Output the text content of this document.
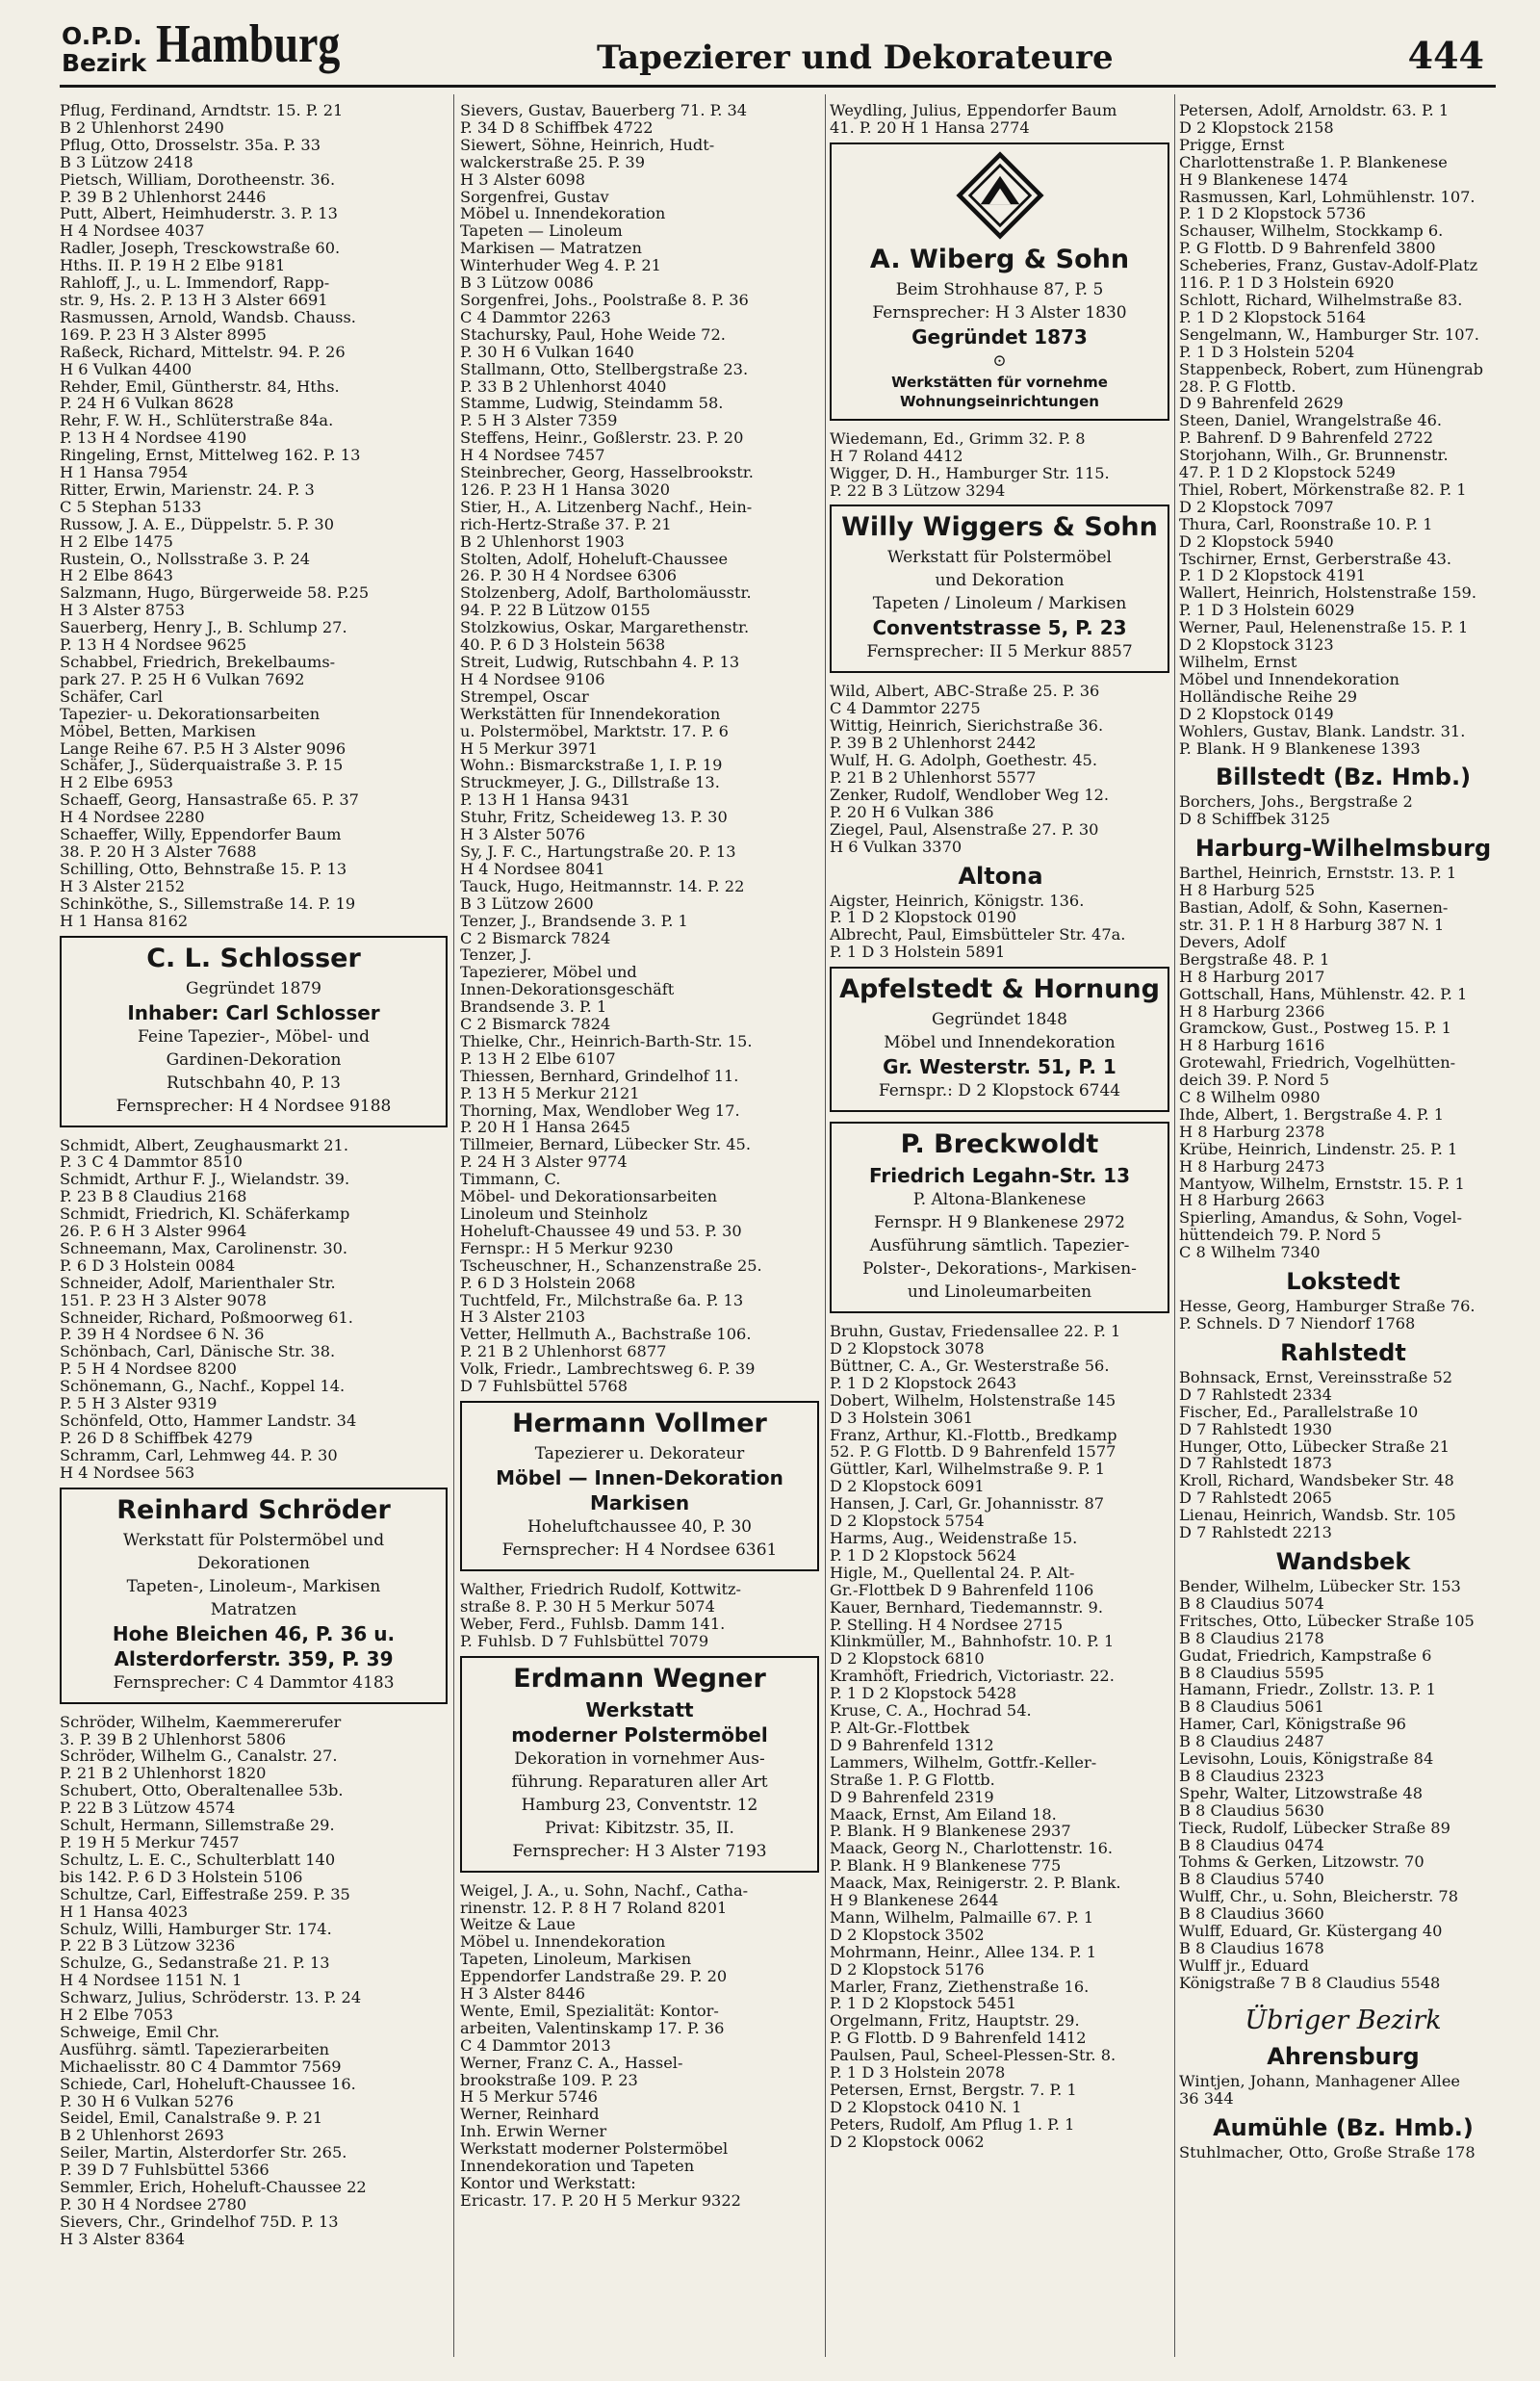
O.P.D.
Bezirk Hamburg	Tapezierer und Dekorateure	444
Pflug, Ferdinand, Arndtstr. 15. P. 21
B 2 Uhlenhorst 2490
Pflug, Otto, Drosselstr. 35a. P. 33
B 3 Lützow 2418
Pietsch, William, Dorotheenstr. 36.
P. 39 B 2 Uhlenhorst 2446
Putt, Albert, Heimhuderstr. 3. P. 13
H 4 Nordsee 4037
Radler, Joseph, Tresckowstraße 60.
Hths. II. P. 19 H 2 Elbe 9181
Rahloff, J., u. L. Immendorf, Rapp-
str. 9, Hs. 2. P. 13 H 3 Alster 6691
Rasmussen, Arnold, Wandsb. Chauss.
169. P. 23 H 3 Alster 8995
Raßeck, Richard, Mittelstr. 94. P. 26
H 6 Vulkan 4400
Rehder, Emil, Güntherstr. 84, Hths.
P. 24 H 6 Vulkan 8628
Rehr, F. W. H., Schlüterstraße 84a.
P. 13 H 4 Nordsee 4190
Ringeling, Ernst, Mittelweg 162. P. 13
H 1 Hansa 7954
Ritter, Erwin, Marienstr. 24. P. 3
C 5 Stephan 5133
Russow, J. A. E., Düppelstr. 5. P. 30
H 2 Elbe 1475
Rustein, O., Nollsstraße 3. P. 24
H 2 Elbe 8643
Salzmann, Hugo, Bürgerweide 58. P.25
H 3 Alster 8753
Sauerberg, Henry J., B. Schlump 27.
P. 13 H 4 Nordsee 9625
Schabbel, Friedrich, Brekelbaums-
park 27. P. 25 H 6 Vulkan 7692
Schäfer, Carl
Tapezier- u. Dekorationsarbeiten
Möbel, Betten, Markisen
Lange Reihe 67. P.5 H 3 Alster 9096
Schäfer, J., Süderquaistraße 3. P. 15
H 2 Elbe 6953
Schaeff, Georg, Hansastraße 65. P. 37
H 4 Nordsee 2280
Schaeffer, Willy, Eppendorfer Baum
38. P. 20 H 3 Alster 7688
Schilling, Otto, Behnstraße 15. P. 13
H 3 Alster 2152
Schinköthe, S., Sillemstraße 14. P. 19
H 1 Hansa 8162
C. L. Schlosser
Gegründet 1879
Inhaber: Carl Schlosser
Feine Tapezier-, Möbel- und
Gardinen-Dekoration
Rutschbahn 40, P. 13
Fernsprecher: H 4 Nordsee 9188
Schmidt, Albert, Zeughausmarkt 21.
P. 3 C 4 Dammtor 8510
Schmidt, Arthur F. J., Wielandstr. 39.
P. 23 B 8 Claudius 2168
Schmidt, Friedrich, Kl. Schäferkamp
26. P. 6 H 3 Alster 9964
Schneemann, Max, Carolinenstr. 30.
P. 6 D 3 Holstein 0084
Schneider, Adolf, Marienthaler Str.
151. P. 23 H 3 Alster 9078
Schneider, Richard, Poßmoorweg 61.
P. 39 H 4 Nordsee 6 N. 36
Schönbach, Carl, Dänische Str. 38.
P. 5 H 4 Nordsee 8200
Schönemann, G., Nachf., Koppel 14.
P. 5 H 3 Alster 9319
Schönfeld, Otto, Hammer Landstr. 34
P. 26 D 8 Schiffbek 4279
Schramm, Carl, Lehmweg 44. P. 30
H 4 Nordsee 563
Reinhard Schröder
Werkstatt für Polstermöbel und
Dekorationen
Tapeten-, Linoleum-, Markisen
Matratzen
Hohe Bleichen 46, P. 36 u.
Alsterdorferstr. 359, P. 39
Fernsprecher: C 4 Dammtor 4183
Schröder, Wilhelm, Kaemmererufer
3. P. 39 B 2 Uhlenhorst 5806
Schröder, Wilhelm G., Canalstr. 27.
P. 21 B 2 Uhlenhorst 1820
Schubert, Otto, Oberaltenallee 53b.
P. 22 B 3 Lützow 4574
Schult, Hermann, Sillemstraße 29.
P. 19 H 5 Merkur 7457
Schultz, L. E. C., Schulterblatt 140
bis 142. P. 6 D 3 Holstein 5106
Schultze, Carl, Eiffestraße 259. P. 35
H 1 Hansa 4023
Schulz, Willi, Hamburger Str. 174.
P. 22 B 3 Lützow 3236
Schulze, G., Sedanstraße 21. P. 13
H 4 Nordsee 1151 N. 1
Schwarz, Julius, Schröderstr. 13. P. 24
H 2 Elbe 7053
Schweige, Emil Chr.
Ausführg. sämtl. Tapezierarbeiten
Michaelisstr. 80 C 4 Dammtor 7569
Schiede, Carl, Hoheluft-Chaussee 16.
P. 30 H 6 Vulkan 5276
Seidel, Emil, Canalstraße 9. P. 21
B 2 Uhlenhorst 2693
Seiler, Martin, Alsterdorfer Str. 265.
P. 39 D 7 Fuhlsbüttel 5366
Semmler, Erich, Hoheluft-Chaussee 22
P. 30 H 4 Nordsee 2780
Sievers, Chr., Grindelhof 75D. P. 13
H 3 Alster 8364
Sievers, Gustav, Bauerberg 71. P. 34
P. 34 D 8 Schiffbek 4722
Siewert, Söhne, Heinrich, Hudt-
walckerstraße 25. P. 39
H 3 Alster 6098
Sorgenfrei, Gustav
Möbel u. Innendekoration
Tapeten — Linoleum
Markisen — Matratzen
Winterhuder Weg 4. P. 21
B 3 Lützow 0086
Sorgenfrei, Johs., Poolstraße 8. P. 36
C 4 Dammtor 2263
Stachursky, Paul, Hohe Weide 72.
P. 30 H 6 Vulkan 1640
Stallmann, Otto, Stellbergstraße 23.
P. 33 B 2 Uhlenhorst 4040
Stamme, Ludwig, Steindamm 58.
P. 5 H 3 Alster 7359
Steffens, Heinr., Goßlerstr. 23. P. 20
H 4 Nordsee 7457
Steinbrecher, Georg, Hasselbrookstr.
126. P. 23 H 1 Hansa 3020
Stier, H., A. Litzenberg Nachf., Hein-
rich-Hertz-Straße 37. P. 21
B 2 Uhlenhorst 1903
Stolten, Adolf, Hoheluft-Chaussee
26. P. 30 H 4 Nordsee 6306
Stolzenberg, Adolf, Bartholomäusstr.
94. P. 22 B Lützow 0155
Stolzkowius, Oskar, Margarethenstr.
40. P. 6 D 3 Holstein 5638
Streit, Ludwig, Rutschbahn 4. P. 13
H 4 Nordsee 9106
Strempel, Oscar
Werkstätten für Innendekoration
u. Polstermöbel, Marktstr. 17. P. 6
H 5 Merkur 3971
Wohn.: Bismarckstraße 1, I. P. 19
Struckmeyer, J. G., Dillstraße 13.
P. 13 H 1 Hansa 9431
Stuhr, Fritz, Scheideweg 13. P. 30
H 3 Alster 5076
Sy, J. F. C., Hartungstraße 20. P. 13
H 4 Nordsee 8041
Tauck, Hugo, Heitmannstr. 14. P. 22
B 3 Lützow 2600
Tenzer, J., Brandsende 3. P. 1
C 2 Bismarck 7824
Tenzer, J.
Tapezierer, Möbel und
Innen-Dekorationsgeschäft
Brandsende 3. P. 1
C 2 Bismarck 7824
Thielke, Chr., Heinrich-Barth-Str. 15.
P. 13 H 2 Elbe 6107
Thiessen, Bernhard, Grindelhof 11.
P. 13 H 5 Merkur 2121
Thorning, Max, Wendlober Weg 17.
P. 20 H 1 Hansa 2645
Tillmeier, Bernard, Lübecker Str. 45.
P. 24 H 3 Alster 9774
Timmann, C.
Möbel- und Dekorationsarbeiten
Linoleum und Steinholz
Hoheluft-Chaussee 49 und 53. P. 30
Fernspr.: H 5 Merkur 9230
Tscheuschner, H., Schanzenstraße 25.
P. 6 D 3 Holstein 2068
Tuchtfeld, Fr., Milchstraße 6a. P. 13
H 3 Alster 2103
Vetter, Hellmuth A., Bachstraße 106.
P. 21 B 2 Uhlenhorst 6877
Volk, Friedr., Lambrechtsweg 6. P. 39
D 7 Fuhlsbüttel 5768
Hermann Vollmer
Tapezierer u. Dekorateur
Möbel — Innen-Dekoration
Markisen
Hoheluftchaussee 40, P. 30
Fernsprecher: H 4 Nordsee 6361
Walther, Friedrich Rudolf, Kottwitz-
straße 8. P. 30 H 5 Merkur 5074
Weber, Ferd., Fuhlsb. Damm 141.
P. Fuhlsb. D 7 Fuhlsbüttel 7079
Erdmann Wegner
Werkstatt
moderner Polstermöbel
Dekoration in vornehmer Aus-
führung. Reparaturen aller Art
Hamburg 23, Conventstr. 12
Privat: Kibitzstr. 35, II.
Fernsprecher: H 3 Alster 7193
Weigel, J. A., u. Sohn, Nachf., Catha-
rinenstr. 12. P. 8 H 7 Roland 8201
Weitze & Laue
Möbel u. Innendekoration
Tapeten, Linoleum, Markisen
Eppendorfer Landstraße 29. P. 20
H 3 Alster 8446
Wente, Emil, Spezialität: Kontor-
arbeiten, Valentinskamp 17. P. 36
C 4 Dammtor 2013
Werner, Franz C. A., Hassel-
brookstraße 109. P. 23
H 5 Merkur 5746
Werner, Reinhard
Inh. Erwin Werner
Werkstatt moderner Polstermöbel
Innendekoration und Tapeten
Kontor und Werkstatt:
Ericastr. 17. P. 20 H 5 Merkur 9322
Weydling, Julius, Eppendorfer Baum
41. P. 20 H 1 Hansa 2774
A. Wiberg & Sohn
Beim Strohhause 87, P. 5
Fernsprecher: H 3 Alster 1830
Gegründet 1873
⊙
Werkstätten für vornehme
Wohnungseinrichtungen
Wiedemann, Ed., Grimm 32. P. 8
H 7 Roland 4412
Wigger, D. H., Hamburger Str. 115.
P. 22 B 3 Lützow 3294
Willy Wiggers & Sohn
Werkstatt für Polstermöbel
und Dekoration
Tapeten / Linoleum / Markisen
Conventstrasse 5, P. 23
Fernsprecher: II 5 Merkur 8857
Wild, Albert, ABC-Straße 25. P. 36
C 4 Dammtor 2275
Wittig, Heinrich, Sierichstraße 36.
P. 39 B 2 Uhlenhorst 2442
Wulf, H. G. Adolph, Goethestr. 45.
P. 21 B 2 Uhlenhorst 5577
Zenker, Rudolf, Wendlober Weg 12.
P. 20 H 6 Vulkan 386
Ziegel, Paul, Alsenstraße 27. P. 30
H 6 Vulkan 3370
Altona
Aigster, Heinrich, Königstr. 136.
P. 1 D 2 Klopstock 0190
Albrecht, Paul, Eimsbütteler Str. 47a.
P. 1 D 3 Holstein 5891
Apfelstedt & Hornung
Gegründet 1848
Möbel und Innendekoration
Gr. Westerstr. 51, P. 1
Fernspr.: D 2 Klopstock 6744
P. Breckwoldt
Friedrich Legahn-Str. 13
P. Altona-Blankenese
Fernspr. H 9 Blankenese 2972
Ausführung sämtlich. Tapezier-
Polster-, Dekorations-, Markisen-
und Linoleumarbeiten
Bruhn, Gustav, Friedensallee 22. P. 1
D 2 Klopstock 3078
Büttner, C. A., Gr. Westerstraße 56.
P. 1 D 2 Klopstock 2643
Dobert, Wilhelm, Holstenstraße 145
D 3 Holstein 3061
Franz, Arthur, Kl.-Flottb., Bredkamp
52. P. G Flottb. D 9 Bahrenfeld 1577
Güttler, Karl, Wilhelmstraße 9. P. 1
D 2 Klopstock 6091
Hansen, J. Carl, Gr. Johannisstr. 87
D 2 Klopstock 5754
Harms, Aug., Weidenstraße 15.
P. 1 D 2 Klopstock 5624
Higle, M., Quellental 24. P. Alt-
Gr.-Flottbek D 9 Bahrenfeld 1106
Kauer, Bernhard, Tiedemannstr. 9.
P. Stelling. H 4 Nordsee 2715
Klinkmüller, M., Bahnhofstr. 10. P. 1
D 2 Klopstock 6810
Kramhöft, Friedrich, Victoriastr. 22.
P. 1 D 2 Klopstock 5428
Kruse, C. A., Hochrad 54.
P. Alt-Gr.-Flottbek
D 9 Bahrenfeld 1312
Lammers, Wilhelm, Gottfr.-Keller-
Straße 1. P. G Flottb.
D 9 Bahrenfeld 2319
Maack, Ernst, Am Eiland 18.
P. Blank. H 9 Blankenese 2937
Maack, Georg N., Charlottenstr. 16.
P. Blank. H 9 Blankenese 775
Maack, Max, Reinigerstr. 2. P. Blank.
H 9 Blankenese 2644
Mann, Wilhelm, Palmaille 67. P. 1
D 2 Klopstock 3502
Mohrmann, Heinr., Allee 134. P. 1
D 2 Klopstock 5176
Marler, Franz, Ziethenstraße 16.
P. 1 D 2 Klopstock 5451
Orgelmann, Fritz, Hauptstr. 29.
P. G Flottb. D 9 Bahrenfeld 1412
Paulsen, Paul, Scheel-Plessen-Str. 8.
P. 1 D 3 Holstein 2078
Petersen, Ernst, Bergstr. 7. P. 1
D 2 Klopstock 0410 N. 1
Peters, Rudolf, Am Pflug 1. P. 1
D 2 Klopstock 0062
Petersen, Adolf, Arnoldstr. 63. P. 1
D 2 Klopstock 2158
Prigge, Ernst
Charlottenstraße 1. P. Blankenese
H 9 Blankenese 1474
Rasmussen, Karl, Lohmühlenstr. 107.
P. 1 D 2 Klopstock 5736
Schauser, Wilhelm, Stockkamp 6.
P. G Flottb. D 9 Bahrenfeld 3800
Scheberies, Franz, Gustav-Adolf-Platz
116. P. 1 D 3 Holstein 6920
Schlott, Richard, Wilhelmstraße 83.
P. 1 D 2 Klopstock 5164
Sengelmann, W., Hamburger Str. 107.
P. 1 D 3 Holstein 5204
Stappenbeck, Robert, zum Hünengrab
28. P. G Flottb.
D 9 Bahrenfeld 2629
Steen, Daniel, Wrangelstraße 46.
P. Bahrenf. D 9 Bahrenfeld 2722
Storjohann, Wilh., Gr. Brunnenstr.
47. P. 1 D 2 Klopstock 5249
Thiel, Robert, Mörkenstraße 82. P. 1
D 2 Klopstock 7097
Thura, Carl, Roonstraße 10. P. 1
D 2 Klopstock 5940
Tschirner, Ernst, Gerberstraße 43.
P. 1 D 2 Klopstock 4191
Wallert, Heinrich, Holstenstraße 159.
P. 1 D 3 Holstein 6029
Werner, Paul, Helenenstraße 15. P. 1
D 2 Klopstock 3123
Wilhelm, Ernst
Möbel und Innendekoration
Holländische Reihe 29
D 2 Klopstock 0149
Wohlers, Gustav, Blank. Landstr. 31.
P. Blank. H 9 Blankenese 1393
Billstedt (Bz. Hmb.)
Borchers, Johs., Bergstraße 2
D 8 Schiffbek 3125
Harburg-Wilhelmsburg
Barthel, Heinrich, Ernststr. 13. P. 1
H 8 Harburg 525
Bastian, Adolf, & Sohn, Kasernen-
str. 31. P. 1 H 8 Harburg 387 N. 1
Devers, Adolf
Bergstraße 48. P. 1
H 8 Harburg 2017
Gottschall, Hans, Mühlenstr. 42. P. 1
H 8 Harburg 2366
Gramckow, Gust., Postweg 15. P. 1
H 8 Harburg 1616
Grotewahl, Friedrich, Vogelhütten-
deich 39. P. Nord 5
C 8 Wilhelm 0980
Ihde, Albert, 1. Bergstraße 4. P. 1
H 8 Harburg 2378
Krübe, Heinrich, Lindenstr. 25. P. 1
H 8 Harburg 2473
Mantyow, Wilhelm, Ernststr. 15. P. 1
H 8 Harburg 2663
Spierling, Amandus, & Sohn, Vogel-
hüttendeich 79. P. Nord 5
C 8 Wilhelm 7340
Lokstedt
Hesse, Georg, Hamburger Straße 76.
P. Schnels. D 7 Niendorf 1768
Rahlstedt
Bohnsack, Ernst, Vereinsstraße 52
D 7 Rahlstedt 2334
Fischer, Ed., Parallelstraße 10
D 7 Rahlstedt 1930
Hunger, Otto, Lübecker Straße 21
D 7 Rahlstedt 1873
Kroll, Richard, Wandsbeker Str. 48
D 7 Rahlstedt 2065
Lienau, Heinrich, Wandsb. Str. 105
D 7 Rahlstedt 2213
Wandsbek
Bender, Wilhelm, Lübecker Str. 153
B 8 Claudius 5074
Fritsches, Otto, Lübecker Straße 105
B 8 Claudius 2178
Gudat, Friedrich, Kampstraße 6
B 8 Claudius 5595
Hamann, Friedr., Zollstr. 13. P. 1
B 8 Claudius 5061
Hamer, Carl, Königstraße 96
B 8 Claudius 2487
Levisohn, Louis, Königstraße 84
B 8 Claudius 2323
Spehr, Walter, Litzowstraße 48
B 8 Claudius 5630
Tieck, Rudolf, Lübecker Straße 89
B 8 Claudius 0474
Tohms & Gerken, Litzowstr. 70
B 8 Claudius 5740
Wulff, Chr., u. Sohn, Bleicherstr. 78
B 8 Claudius 3660
Wulff, Eduard, Gr. Küstergang 40
B 8 Claudius 1678
Wulff jr., Eduard
Königstraße 7 B 8 Claudius 5548
Übriger Bezirk
Ahrensburg
Wintjen, Johann, Manhagener Allee
36 344
Aumühle (Bz. Hmb.)
Stuhlmacher, Otto, Große Straße 178
